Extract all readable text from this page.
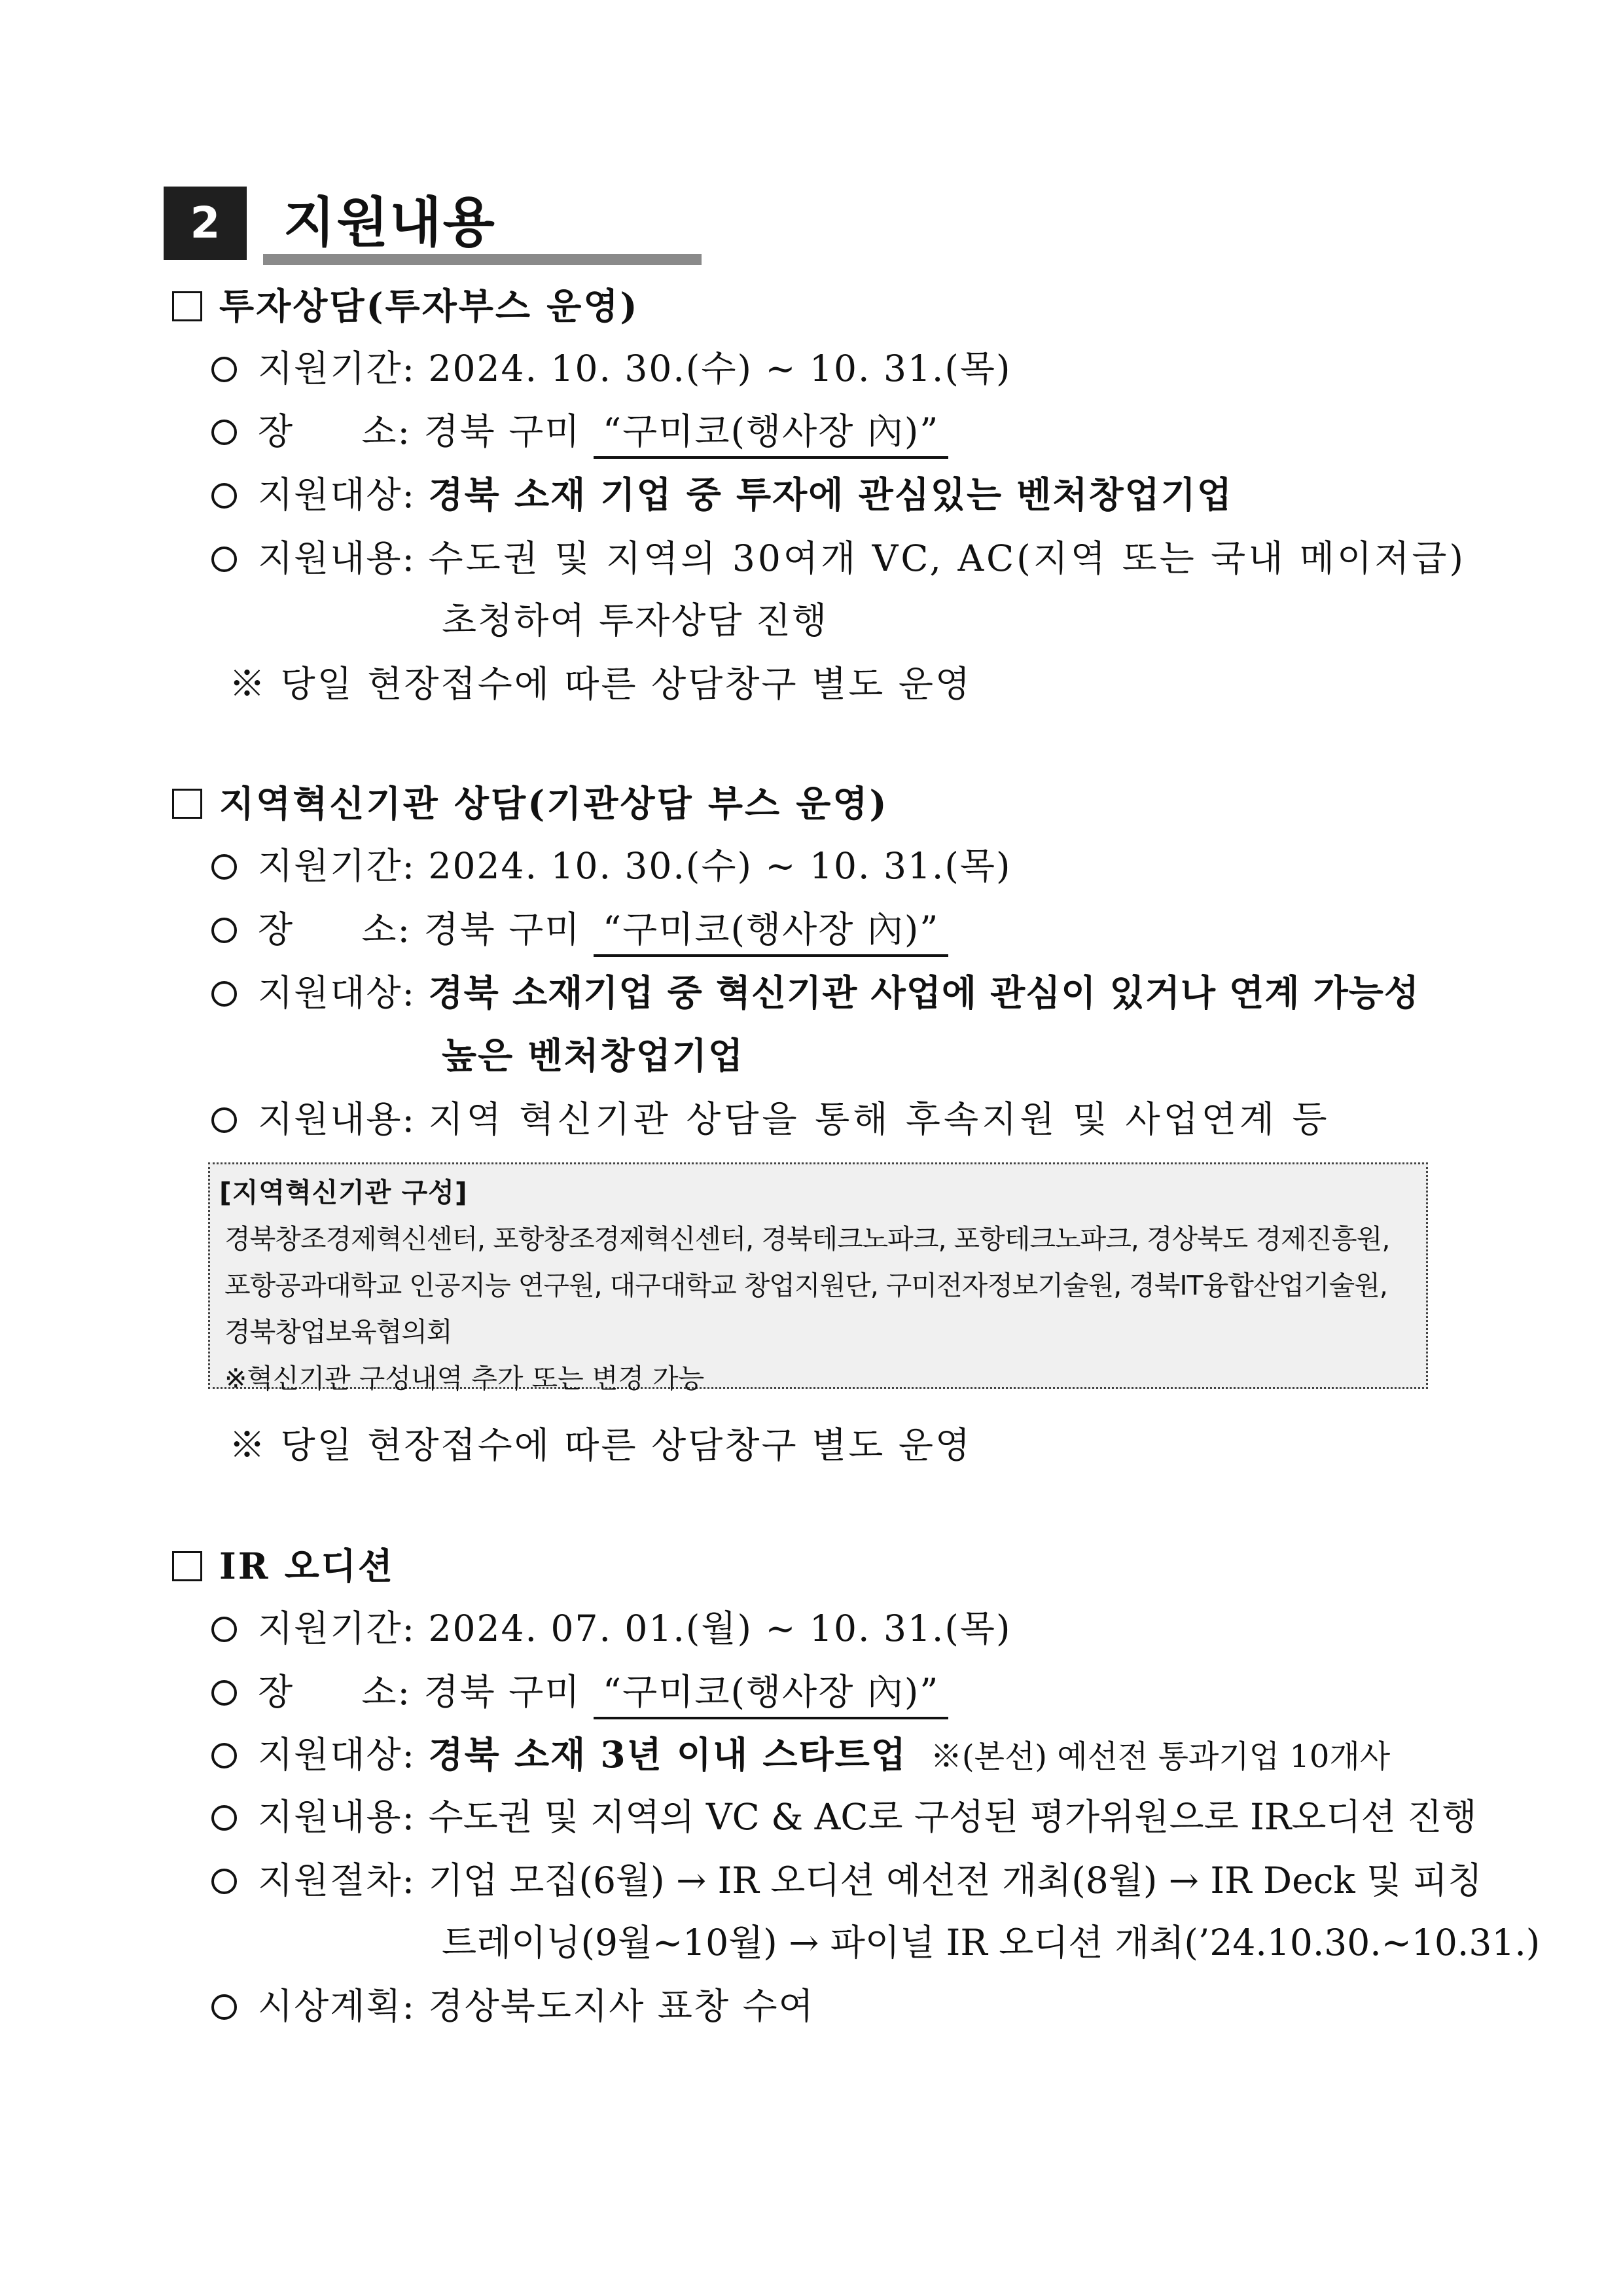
2	지원내용
투자상담(투자부스 운영)
지원기간: 2024. 10. 30.(수) ~ 10. 31.(목)
장 소: 경북 구미 “구미코(행사장 內)”
지원대상: 경북 소재 기업 중 투자에 관심있는 벤처창업기업
지원내용: 수도권 및 지역의 30여개 VC, AC(지역 또는 국내 메이저급)
초청하여 투자상담 진행
※ 당일 현장접수에 따른 상담창구 별도 운영
지역혁신기관 상담(기관상담 부스 운영)
지원기간: 2024. 10. 30.(수) ~ 10. 31.(목)
장 소: 경북 구미 “구미코(행사장 內)”
지원대상: 경북 소재기업 중 혁신기관 사업에 관심이 있거나 연계 가능성
높은 벤처창업기업
지원내용: 지역 혁신기관 상담을 통해 후속지원 및 사업연계 등
[지역혁신기관 구성]
경북창조경제혁신센터, 포항창조경제혁신센터, 경북테크노파크, 포항테크노파크, 경상북도 경제진흥원,
포항공과대학교 인공지능 연구원, 대구대학교 창업지원단, 구미전자정보기술원, 경북IT융합산업기술원,
경북창업보육협의회
※혁신기관 구성내역 추가 또는 변경 가능
※ 당일 현장접수에 따른 상담창구 별도 운영
IR 오디션
지원기간: 2024. 07. 01.(월) ~ 10. 31.(목)
장 소: 경북 구미 “구미코(행사장 內)”
지원대상: 경북 소재 3년 이내 스타트업 ※(본선) 예선전 통과기업 10개사
지원내용: 수도권 및 지역의 VC & AC로 구성된 평가위원으로 IR오디션 진행
지원절차: 기업 모집(6월) → IR 오디션 예선전 개최(8월) → IR Deck 및 피칭
트레이닝(9월~10월) → 파이널 IR 오디션 개최(’24.10.30.~10.31.)
시상계획: 경상북도지사 표창 수여
